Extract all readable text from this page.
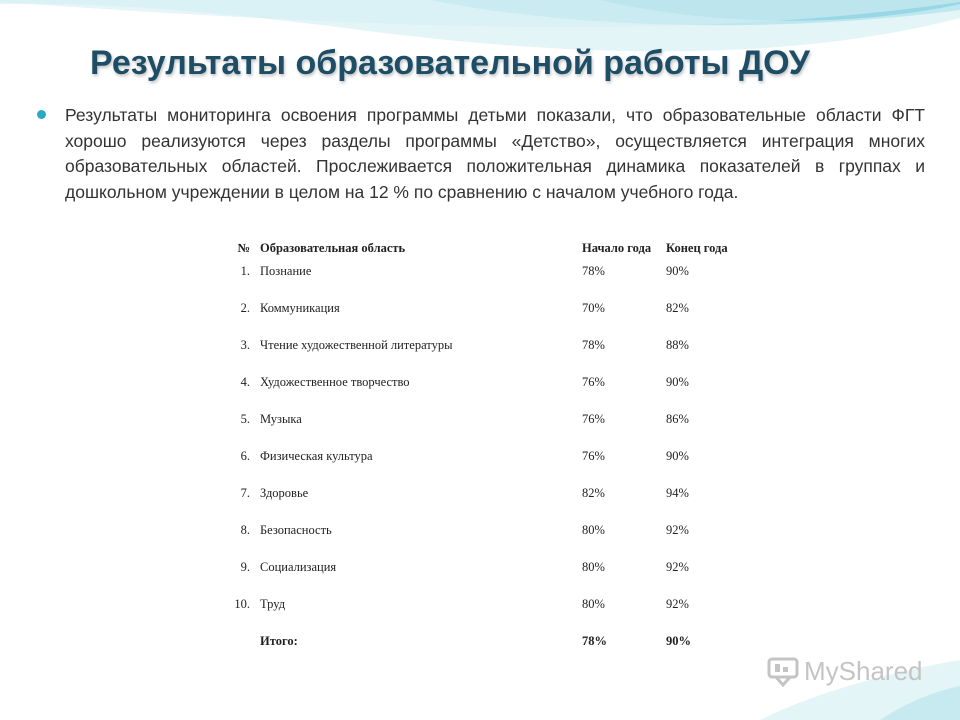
Результаты образовательной работы ДОУ

Результаты мониторинга освоения программы детьми показали, что образовательные области ФГТ хорошо реализуются через разделы программы «Детство», осуществляется интеграция многих образовательных областей. Прослеживается положительная динамика показателей в группах и дошкольном учреждении в целом на 12 % по сравнению с началом учебного года.

№	Образовательная область	Начало года	Конец года
1.	Познание	78%	90%
2.	Коммуникация	70%	82%
3.	Чтение художественной литературы	78%	88%
4.	Художественное творчество	76%	90%
5.	Музыка	76%	86%
6.	Физическая культура	76%	90%
7.	Здоровье	82%	94%
8.	Безопасность	80%	92%
9.	Социализация	80%	92%
10.	Труд	80%	92%
	Итого:	78%	90%
MyShared
